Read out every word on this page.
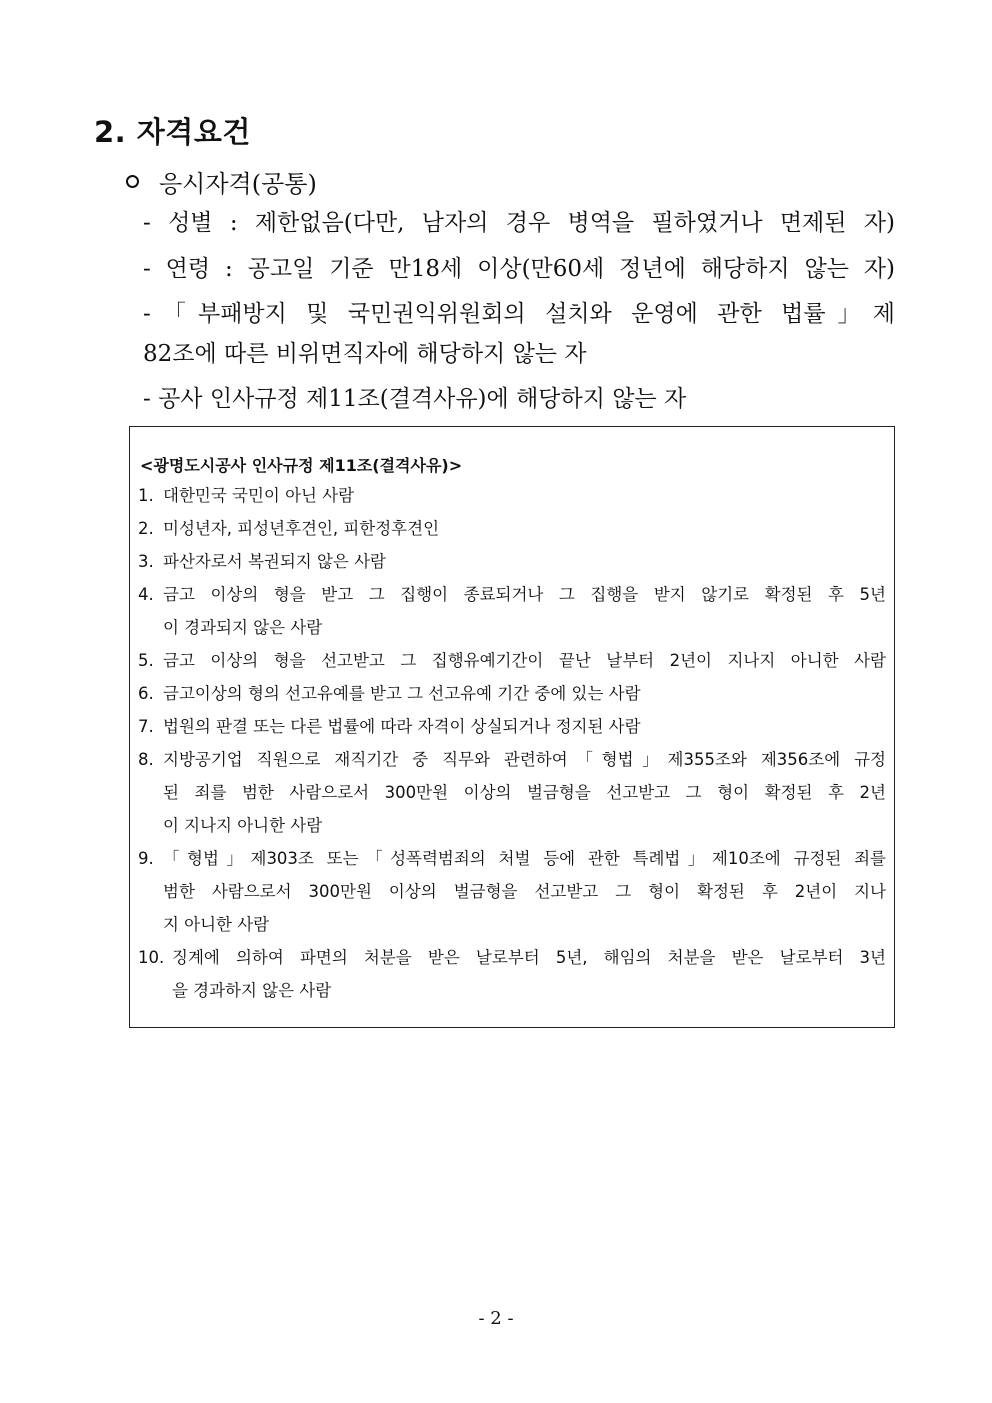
2. 자격요건
응시자격(공통)
- 성별 : 제한없음(다만, 남자의 경우 병역을 필하였거나 면제된 자)
- 연령 : 공고일 기준 만18세 이상(만60세 정년에 해당하지 않는 자)
-「부패방지 및 국민권익위원회의 설치와 운영에 관한 법률」제
82조에 따른 비위면직자에 해당하지 않는 자
- 공사 인사규정 제11조(결격사유)에 해당하지 않는 자
<광명도시공사 인사규정 제11조(결격사유)>
1. 대한민국 국민이 아닌 사람
2. 미성년자, 피성년후견인, 피한정후견인
3. 파산자로서 복권되지 않은 사람
4. 금고 이상의 형을 받고 그 집행이 종료되거나 그 집행을 받지 않기로 확정된 후 5년
이 경과되지 않은 사람
5. 금고 이상의 형을 선고받고 그 집행유예기간이 끝난 날부터 2년이 지나지 아니한 사람
6. 금고이상의 형의 선고유예를 받고 그 선고유예 기간 중에 있는 사람
7. 법원의 판결 또는 다른 법률에 따라 자격이 상실되거나 정지된 사람
8. 지방공기업 직원으로 재직기간 중 직무와 관련하여「형법」제355조와 제356조에 규정
된 죄를 범한 사람으로서 300만원 이상의 벌금형을 선고받고 그 형이 확정된 후 2년
이 지나지 아니한 사람
9. 「형법」제303조 또는「성폭력범죄의 처벌 등에 관한 특례법」제10조에 규정된 죄를
범한 사람으로서 300만원 이상의 벌금형을 선고받고 그 형이 확정된 후 2년이 지나
지 아니한 사람
10. 징계에 의하여 파면의 처분을 받은 날로부터 5년, 해임의 처분을 받은 날로부터 3년
을 경과하지 않은 사람
- 2 -
